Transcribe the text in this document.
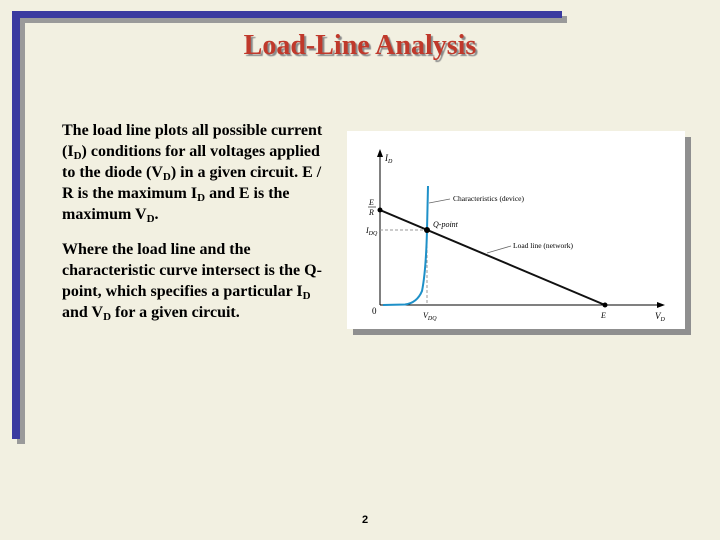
Load-Line Analysis

The load line plots all possible current $(I_D)$ conditions for all voltages applied to the diode $(V_D)$ in a given circuit. E / R is the maximum $I_D$ and E is the maximum $V_D$.

Where the load line and the characteristic curve intersect is the Q-point, which specifies a particular $I_D$ and $V_D$ for a given circuit.

$I_D$
$V_D$
0
E
R
$I_{DQ}$
$V_{DQ}$	E
Q-point
Characteristics (device)
Load line (network)
2
